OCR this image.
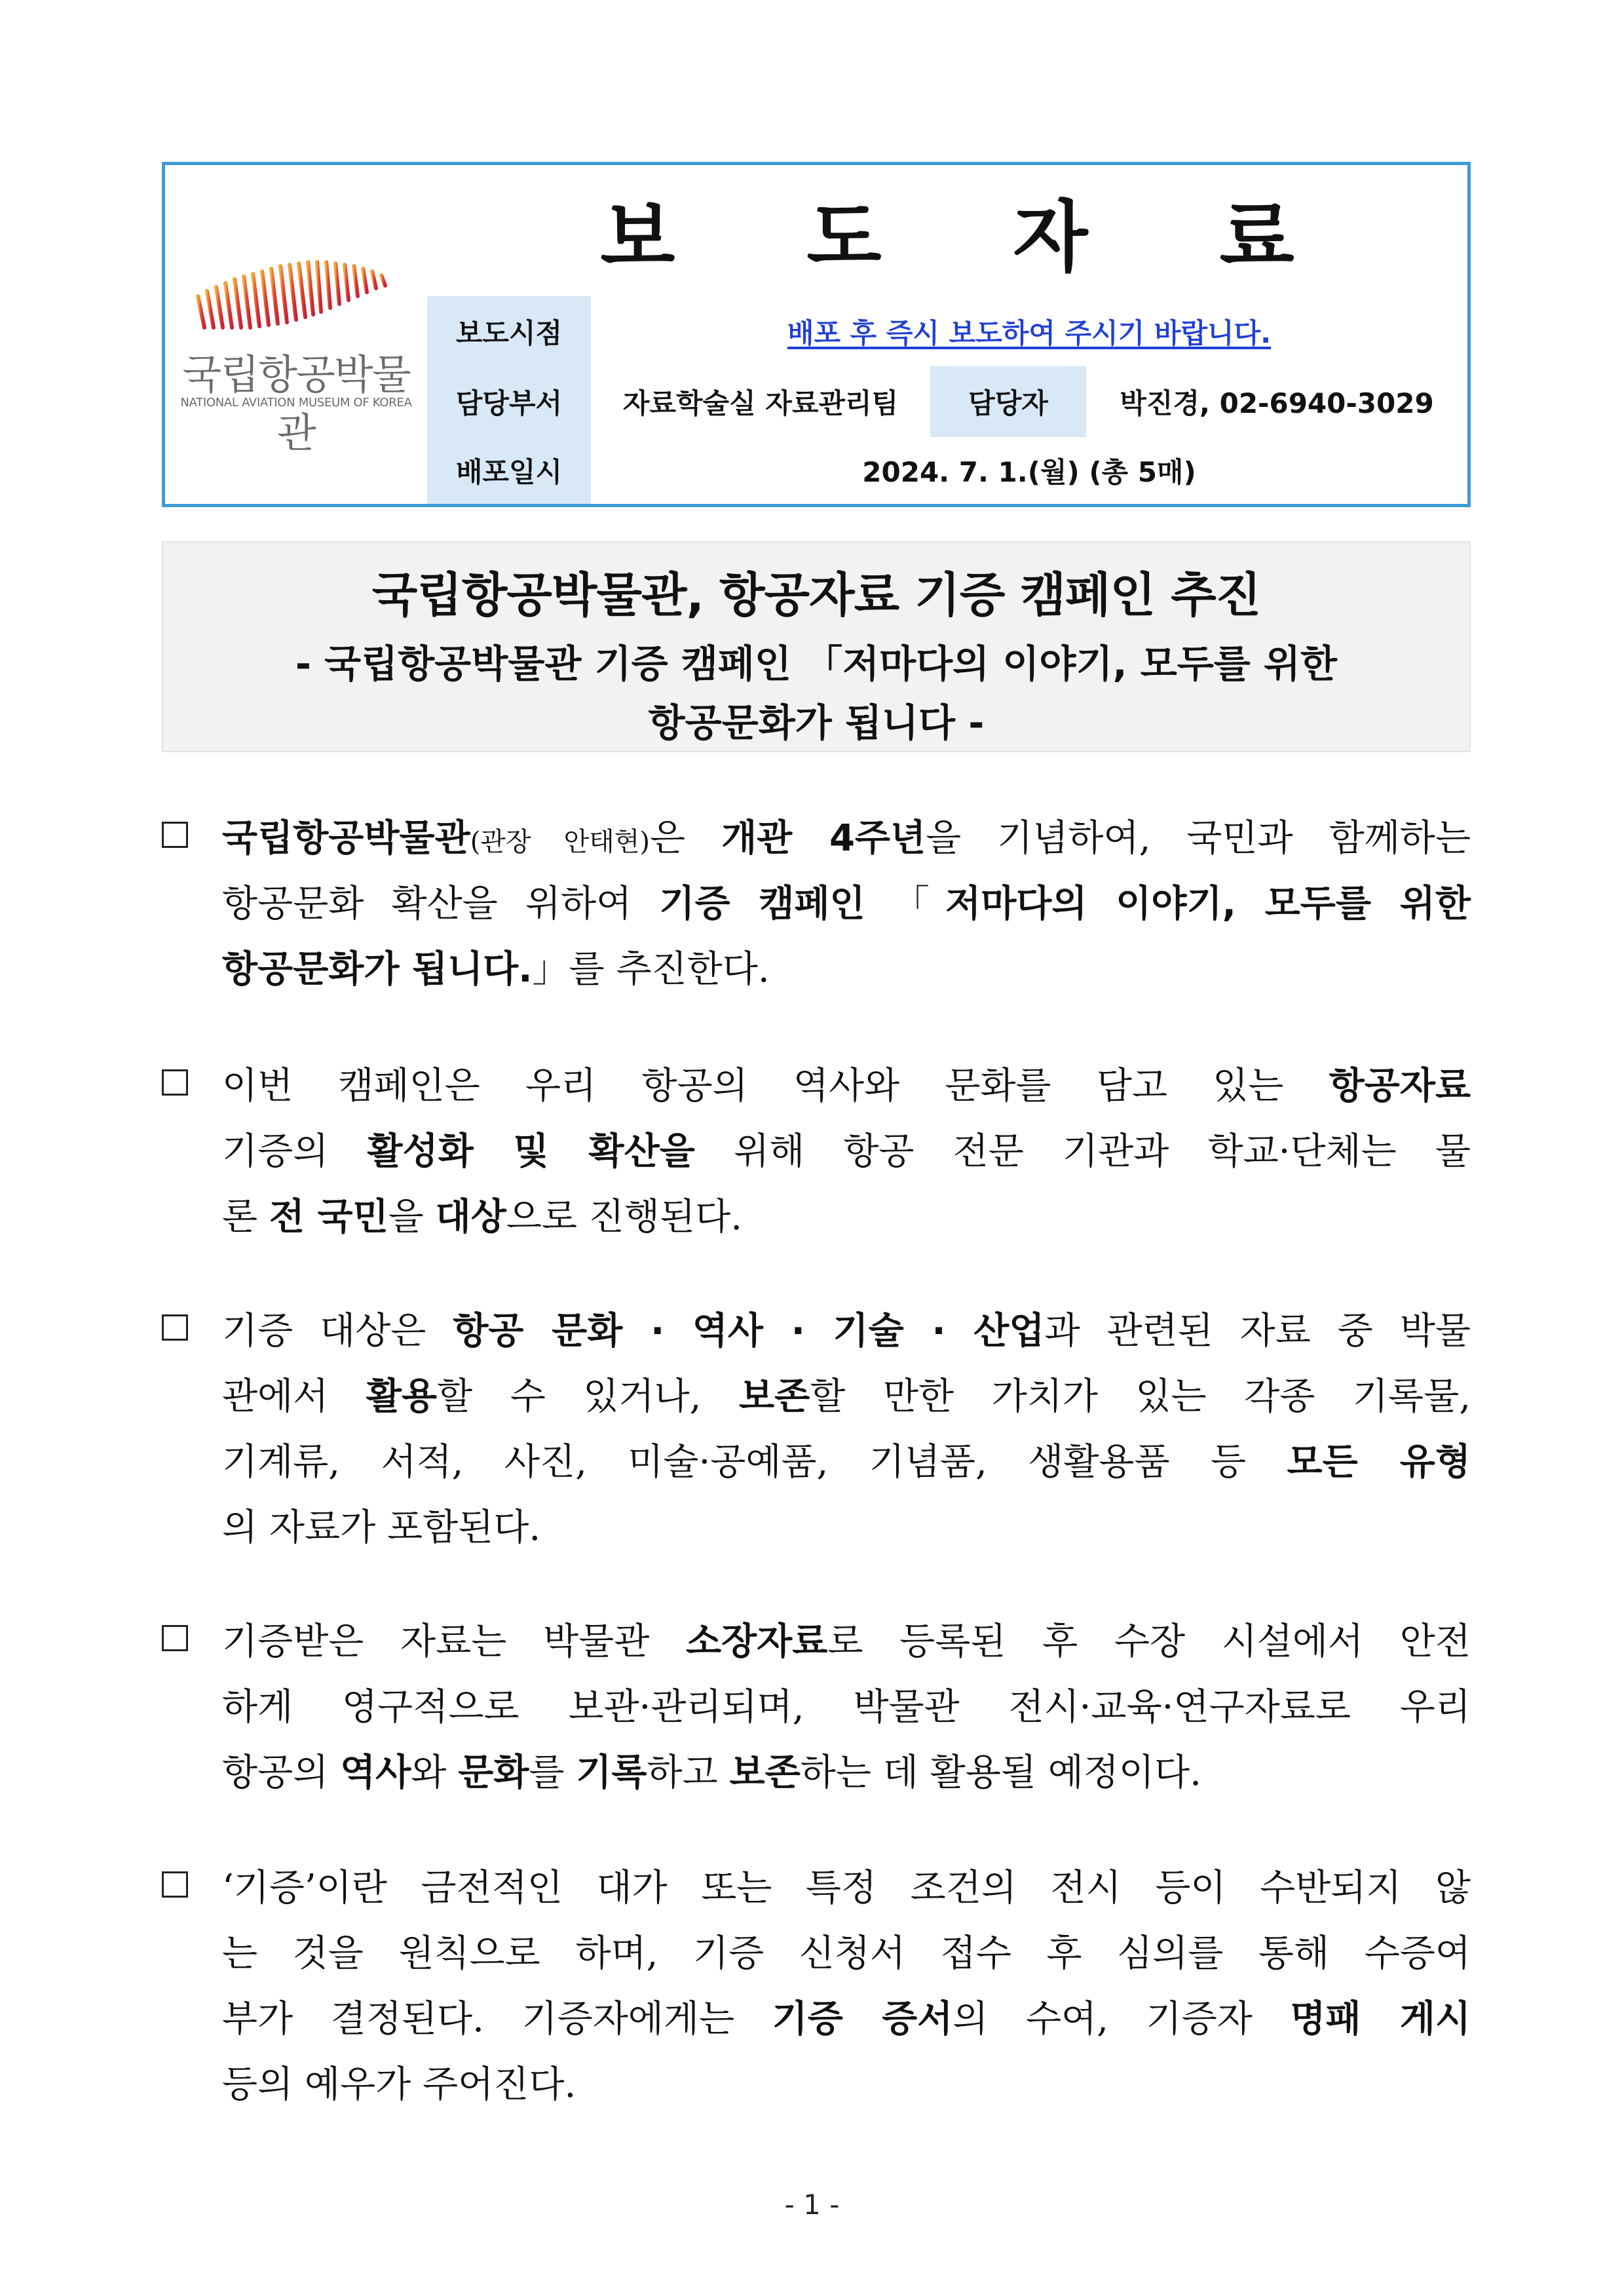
국립항공박물관
NATIONAL AVIATION MUSEUM OF KOREA
보 도 자 료
보도시점	배포 후 즉시 보도하여 주시기 바랍니다.
담당부서	자료학술실 자료관리팀	담당자	박진경, 02-6940-3029
배포일시	2024. 7. 1.(월) (총 5매)
국립항공박물관, 항공자료 기증 캠페인 추진
- 국립항공박물관 기증 캠페인 「저마다의 이야기, 모두를 위한
항공문화가 됩니다 -
국립항공박물관(관장 안태현)은 개관 4주년을 기념하여, 국민과 함께하는
항공문화 확산을 위하여 기증 캠페인 「저마다의 이야기, 모두를 위한
항공문화가 됩니다.」를 추진한다.
이번 캠페인은 우리 항공의 역사와 문화를 담고 있는 항공자료
기증의 활성화 및 확산을 위해 항공 전문 기관과 학교·단체는 물
론 전 국민을 대상으로 진행된다.
기증 대상은 항공 문화 · 역사 · 기술 · 산업과 관련된 자료 중 박물
관에서 활용할 수 있거나, 보존할 만한 가치가 있는 각종 기록물,
기계류, 서적, 사진, 미술·공예품, 기념품, 생활용품 등 모든 유형
의 자료가 포함된다.
기증받은 자료는 박물관 소장자료로 등록된 후 수장 시설에서 안전
하게 영구적으로 보관·관리되며, 박물관 전시·교육·연구자료로 우리
항공의 역사와 문화를 기록하고 보존하는 데 활용될 예정이다.
‘기증’이란 금전적인 대가 또는 특정 조건의 전시 등이 수반되지 않
는 것을 원칙으로 하며, 기증 신청서 접수 후 심의를 통해 수증여
부가 결정된다. 기증자에게는 기증 증서의 수여, 기증자 명패 게시
등의 예우가 주어진다.
- 1 -
